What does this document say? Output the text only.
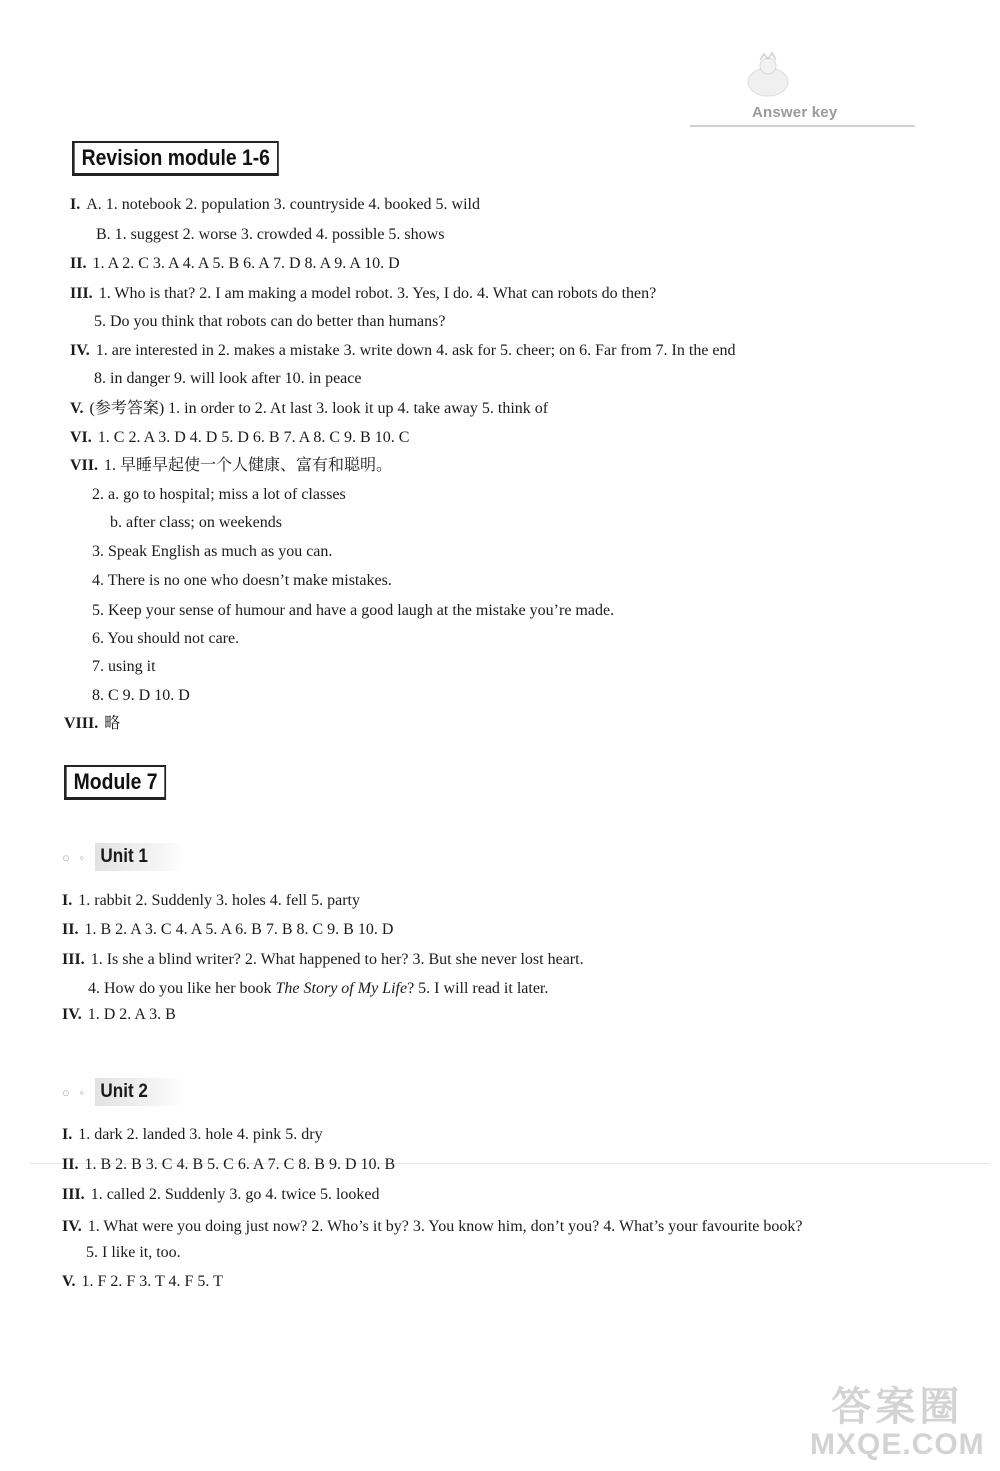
Answer key
Revision module 1-6
Module 7
○ ◦ Unit 1
○ ◦ Unit 2
I. A. 1. notebook 2. population 3. countryside 4. booked 5. wild
B. 1. suggest 2. worse 3. crowded 4. possible 5. shows
II. 1. A 2. C 3. A 4. A 5. B 6. A 7. D 8. A 9. A 10. D
III. 1. Who is that? 2. I am making a model robot. 3. Yes, I do. 4. What can robots do then?
5. Do you think that robots can do better than humans?
IV. 1. are interested in 2. makes a mistake 3. write down 4. ask for 5. cheer; on 6. Far from 7. In the end
8. in danger 9. will look after 10. in peace
V. (参考答案) 1. in order to 2. At last 3. look it up 4. take away 5. think of
VI. 1. C 2. A 3. D 4. D 5. D 6. B 7. A 8. C 9. B 10. C
VII. 1. 早睡早起使一个人健康、富有和聪明。
2. a. go to hospital; miss a lot of classes
b. after class; on weekends
3. Speak English as much as you can.
4. There is no one who doesn’t make mistakes.
5. Keep your sense of humour and have a good laugh at the mistake you’re made.
6. You should not care.
7. using it
8. C 9. D 10. D
VIII. 略
I. 1. rabbit 2. Suddenly 3. holes 4. fell 5. party
II. 1. B 2. A 3. C 4. A 5. A 6. B 7. B 8. C 9. B 10. D
III. 1. Is she a blind writer? 2. What happened to her? 3. But she never lost heart.
4. How do you like her book The Story of My Life? 5. I will read it later.
IV. 1. D 2. A 3. B
I. 1. dark 2. landed 3. hole 4. pink 5. dry
II. 1. B 2. B 3. C 4. B 5. C 6. A 7. C 8. B 9. D 10. B
III. 1. called 2. Suddenly 3. go 4. twice 5. looked
IV. 1. What were you doing just now? 2. Who’s it by? 3. You know him, don’t you? 4. What’s your favourite book?
5. I like it, too.
V. 1. F 2. F 3. T 4. F 5. T
答案圈
MXQE.COM
